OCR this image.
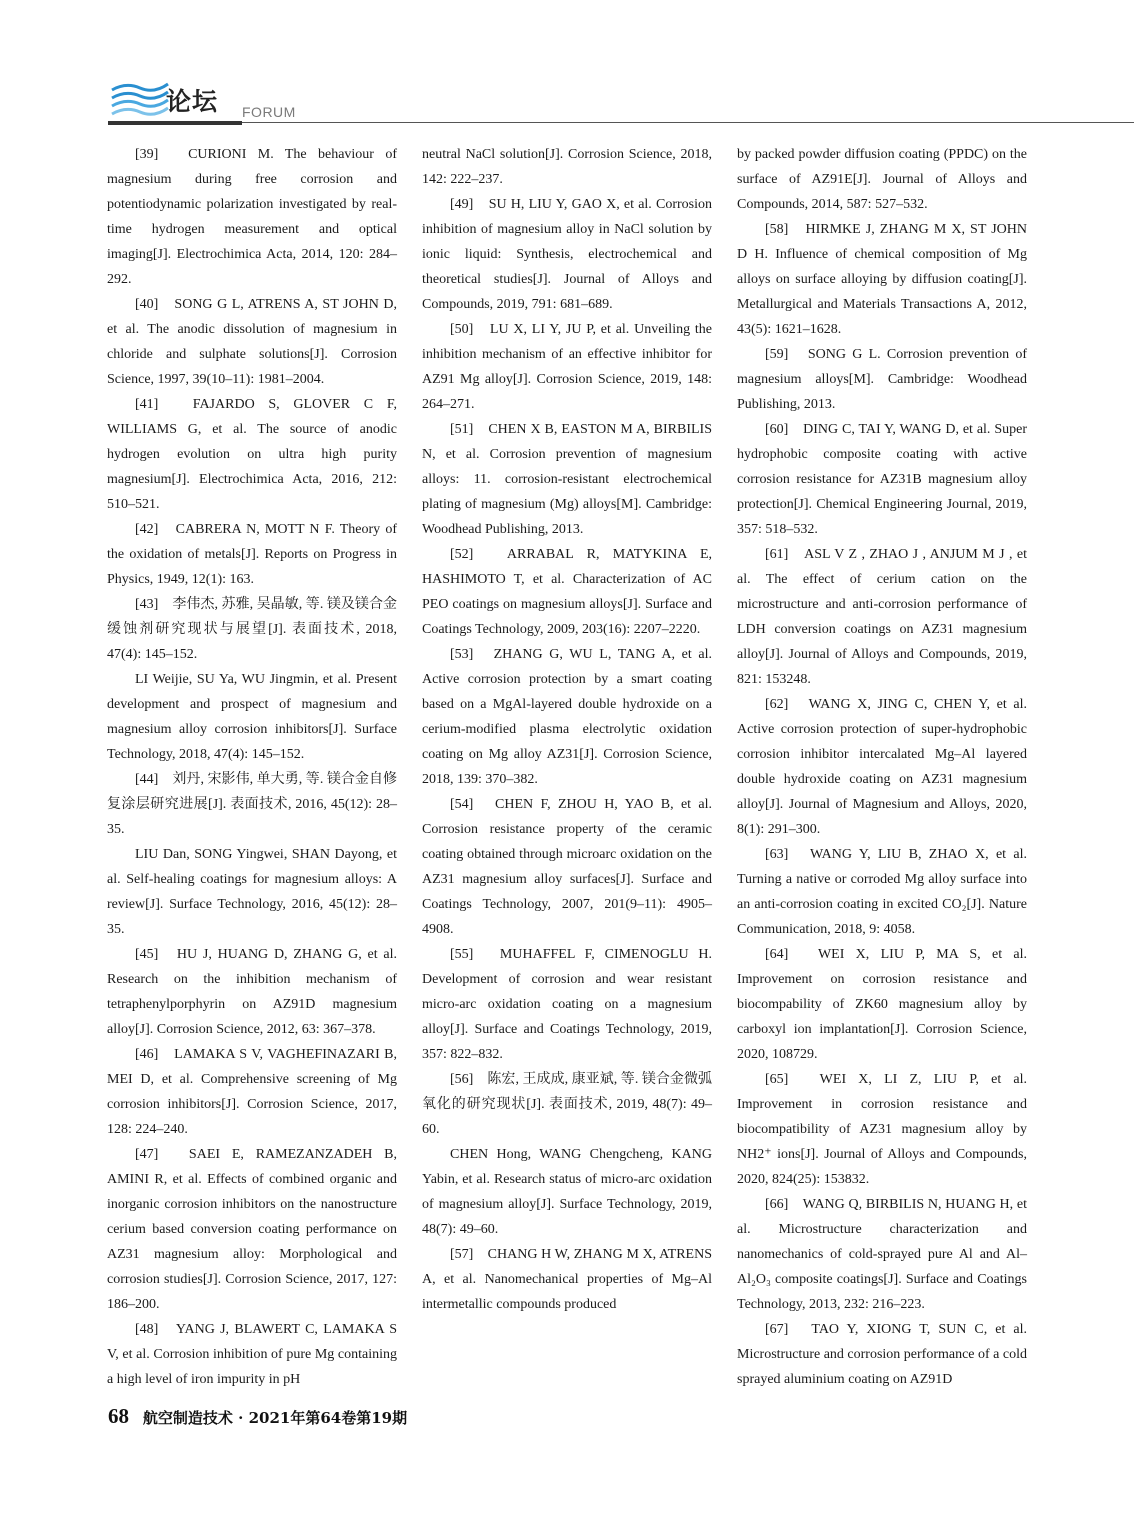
论坛 FORUM

[39]　CURIONI M. The behaviour of magnesium during free corrosion and potentiodynamic polarization investigated by real-time hydrogen measurement and optical imaging[J]. Electrochimica Acta, 2014, 120: 284–292.

[40]　SONG G L, ATRENS A, ST JOHN D, et al. The anodic dissolution of magnesium in chloride and sulphate solutions[J]. Corrosion Science, 1997, 39(10–11): 1981–2004.

[41]　FAJARDO S, GLOVER C F, WILLIAMS G, et al. The source of anodic hydrogen evolution on ultra high purity magnesium[J]. Electrochimica Acta, 2016, 212: 510–521.

[42]　CABRERA N, MOTT N F. Theory of the oxidation of metals[J]. Reports on Progress in Physics, 1949, 12(1): 163.

[43]　李伟杰, 苏雅, 吴晶敏, 等. 镁及镁合金缓蚀剂研究现状与展望[J]. 表面技术, 2018, 47(4): 145–152.

LI Weijie, SU Ya, WU Jingmin, et al. Present development and prospect of magnesium and magnesium alloy corrosion inhibitors[J]. Surface Technology, 2018, 47(4): 145–152.

[44]　刘丹, 宋影伟, 单大勇, 等. 镁合金自修复涂层研究进展[J]. 表面技术, 2016, 45(12): 28–35.

LIU Dan, SONG Yingwei, SHAN Dayong, et al. Self-healing coatings for magnesium alloys: A review[J]. Surface Technology, 2016, 45(12): 28–35.

[45]　HU J, HUANG D, ZHANG G, et al. Research on the inhibition mechanism of tetraphenylporphyrin on AZ91D magnesium alloy[J]. Corrosion Science, 2012, 63: 367–378.

[46]　LAMAKA S V, VAGHEFINAZARI B, MEI D, et al. Comprehensive screening of Mg corrosion inhibitors[J]. Corrosion Science, 2017, 128: 224–240.

[47]　SAEI E, RAMEZANZADEH B, AMINI R, et al. Effects of combined organic and inorganic corrosion inhibitors on the nanostructure cerium based conversion coating performance on AZ31 magnesium alloy: Morphological and corrosion studies[J]. Corrosion Science, 2017, 127: 186–200.

[48]　YANG J, BLAWERT C, LAMAKA S V, et al. Corrosion inhibition of pure Mg containing a high level of iron impurity in pH

neutral NaCl solution[J]. Corrosion Science, 2018, 142: 222–237.

[49]　SU H, LIU Y, GAO X, et al. Corrosion inhibition of magnesium alloy in NaCl solution by ionic liquid: Synthesis, electrochemical and theoretical studies[J]. Journal of Alloys and Compounds, 2019, 791: 681–689.

[50]　LU X, LI Y, JU P, et al. Unveiling the inhibition mechanism of an effective inhibitor for AZ91 Mg alloy[J]. Corrosion Science, 2019, 148: 264–271.

[51]　CHEN X B, EASTON M A, BIRBILIS N, et al. Corrosion prevention of magnesium alloys: 11. corrosion-resistant electrochemical plating of magnesium (Mg) alloys[M]. Cambridge: Woodhead Publishing, 2013.

[52]　ARRABAL R, MATYKINA E, HASHIMOTO T, et al. Characterization of AC PEO coatings on magnesium alloys[J]. Surface and Coatings Technology, 2009, 203(16): 2207–2220.

[53]　ZHANG G, WU L, TANG A, et al. Active corrosion protection by a smart coating based on a MgAl-layered double hydroxide on a cerium-modified plasma electrolytic oxidation coating on Mg alloy AZ31[J]. Corrosion Science, 2018, 139: 370–382.

[54]　CHEN F, ZHOU H, YAO B, et al. Corrosion resistance property of the ceramic coating obtained through microarc oxidation on the AZ31 magnesium alloy surfaces[J]. Surface and Coatings Technology, 2007, 201(9–11): 4905–4908.

[55]　MUHAFFEL F, CIMENOGLU H. Development of corrosion and wear resistant micro-arc oxidation coating on a magnesium alloy[J]. Surface and Coatings Technology, 2019, 357: 822–832.

[56]　陈宏, 王成成, 康亚斌, 等. 镁合金微弧氧化的研究现状[J]. 表面技术, 2019, 48(7): 49–60.

CHEN Hong, WANG Chengcheng, KANG Yabin, et al. Research status of micro-arc oxidation of magnesium alloy[J]. Surface Technology, 2019, 48(7): 49–60.

[57]　CHANG H W, ZHANG M X, ATRENS A, et al. Nanomechanical properties of Mg–Al intermetallic compounds produced

by packed powder diffusion coating (PPDC) on the surface of AZ91E[J]. Journal of Alloys and Compounds, 2014, 587: 527–532.

[58]　HIRMKE J, ZHANG M X, ST JOHN D H. Influence of chemical composition of Mg alloys on surface alloying by diffusion coating[J]. Metallurgical and Materials Transactions A, 2012, 43(5): 1621–1628.

[59]　SONG G L. Corrosion prevention of magnesium alloys[M]. Cambridge: Woodhead Publishing, 2013.

[60]　DING C, TAI Y, WANG D, et al. Super hydrophobic composite coating with active corrosion resistance for AZ31B magnesium alloy protection[J]. Chemical Engineering Journal, 2019, 357: 518–532.

[61]　ASL V Z , ZHAO J , ANJUM M J , et al. The effect of cerium cation on the microstructure and anti-corrosion performance of LDH conversion coatings on AZ31 magnesium alloy[J]. Journal of Alloys and Compounds, 2019, 821: 153248.

[62]　WANG X, JING C, CHEN Y, et al. Active corrosion protection of super-hydrophobic corrosion inhibitor intercalated Mg–Al layered double hydroxide coating on AZ31 magnesium alloy[J]. Journal of Magnesium and Alloys, 2020, 8(1): 291–300.

[63]　WANG Y, LIU B, ZHAO X, et al. Turning a native or corroded Mg alloy surface into an anti-corrosion coating in excited CO₂[J]. Nature Communication, 2018, 9: 4058.

[64]　WEI X, LIU P, MA S, et al. Improvement on corrosion resistance and biocompability of ZK60 magnesium alloy by carboxyl ion implantation[J]. Corrosion Science, 2020, 108729.

[65]　WEI X, LI Z, LIU P, et al. Improvement in corrosion resistance and biocompatibility of AZ31 magnesium alloy by NH2⁺ ions[J]. Journal of Alloys and Compounds, 2020, 824(25): 153832.

[66]　WANG Q, BIRBILIS N, HUANG H, et al. Microstructure characterization and nanomechanics of cold-sprayed pure Al and Al–Al₂O₃ composite coatings[J]. Surface and Coatings Technology, 2013, 232: 216–223.

[67]　TAO Y, XIONG T, SUN C, et al. Microstructure and corrosion performance of a cold sprayed aluminium coating on AZ91D

68 航空制造技术 · 2021年第64卷第19期
